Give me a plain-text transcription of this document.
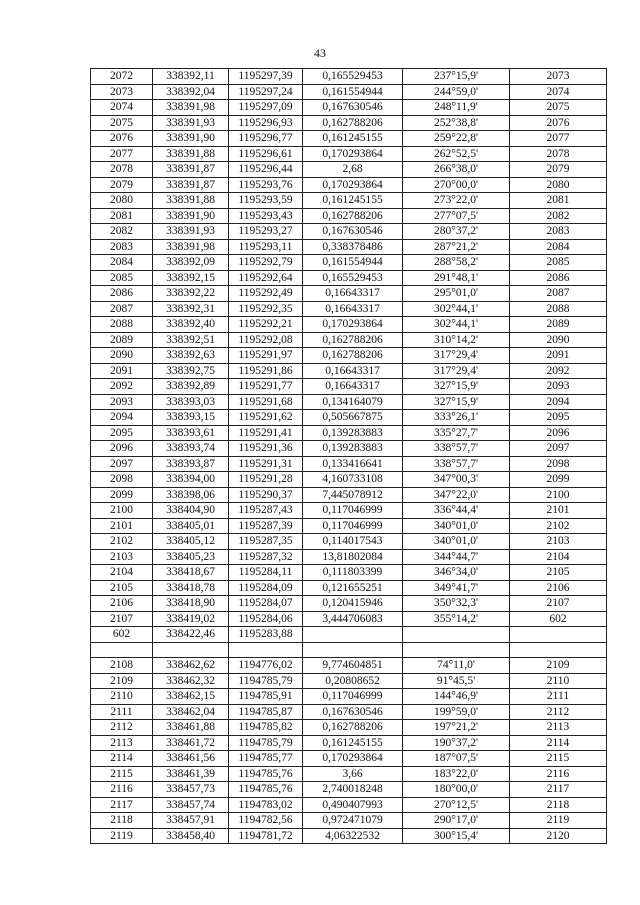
43
2072	338392,11	1195297,39	0,165529453	237°15,9'	2073
2073	338392,04	1195297,24	0,161554944	244°59,0'	2074
2074	338391,98	1195297,09	0,167630546	248°11,9'	2075
2075	338391,93	1195296,93	0,162788206	252°38,8'	2076
2076	338391,90	1195296,77	0,161245155	259°22,8'	2077
2077	338391,88	1195296,61	0,170293864	262°52,5'	2078
2078	338391,87	1195296,44	2,68	266°38,0'	2079
2079	338391,87	1195293,76	0,170293864	270°00,0'	2080
2080	338391,88	1195293,59	0,161245155	273°22,0'	2081
2081	338391,90	1195293,43	0,162788206	277°07,5'	2082
2082	338391,93	1195293,27	0,167630546	280°37,2'	2083
2083	338391,98	1195293,11	0,338378486	287°21,2'	2084
2084	338392,09	1195292,79	0,161554944	288°58,2'	2085
2085	338392,15	1195292,64	0,165529453	291°48,1'	2086
2086	338392,22	1195292,49	0,16643317	295°01,0'	2087
2087	338392,31	1195292,35	0,16643317	302°44,1'	2088
2088	338392,40	1195292,21	0,170293864	302°44,1'	2089
2089	338392,51	1195292,08	0,162788206	310°14,2'	2090
2090	338392,63	1195291,97	0,162788206	317°29,4'	2091
2091	338392,75	1195291,86	0,16643317	317°29,4'	2092
2092	338392,89	1195291,77	0,16643317	327°15,9'	2093
2093	338393,03	1195291,68	0,134164079	327°15,9'	2094
2094	338393,15	1195291,62	0,505667875	333°26,1'	2095
2095	338393,61	1195291,41	0,139283883	335°27,7'	2096
2096	338393,74	1195291,36	0,139283883	338°57,7'	2097
2097	338393,87	1195291,31	0,133416641	338°57,7'	2098
2098	338394,00	1195291,28	4,160733108	347°00,3'	2099
2099	338398,06	1195290,37	7,445078912	347°22,0'	2100
2100	338404,90	1195287,43	0,117046999	336°44,4'	2101
2101	338405,01	1195287,39	0,117046999	340°01,0'	2102
2102	338405,12	1195287,35	0,114017543	340°01,0'	2103
2103	338405,23	1195287,32	13,81802084	344°44,7'	2104
2104	338418,67	1195284,11	0,111803399	346°34,0'	2105
2105	338418,78	1195284,09	0,121655251	349°41,7'	2106
2106	338418,90	1195284,07	0,120415946	350°32,3'	2107
2107	338419,02	1195284,06	3,444706083	355°14,2'	602
602	338422,46	1195283,88			

2108	338462,62	1194776,02	9,774604851	74°11,0'	2109
2109	338462,32	1194785,79	0,20808652	91°45,5'	2110
2110	338462,15	1194785,91	0,117046999	144°46,9'	2111
2111	338462,04	1194785,87	0,167630546	199°59,0'	2112
2112	338461,88	1194785,82	0,162788206	197°21,2'	2113
2113	338461,72	1194785,79	0,161245155	190°37,2'	2114
2114	338461,56	1194785,77	0,170293864	187°07,5'	2115
2115	338461,39	1194785,76	3,66	183°22,0'	2116
2116	338457,73	1194785,76	2,740018248	180°00,0'	2117
2117	338457,74	1194783,02	0,490407993	270°12,5'	2118
2118	338457,91	1194782,56	0,972471079	290°17,0'	2119
2119	338458,40	1194781,72	4,06322532	300°15,4'	2120
